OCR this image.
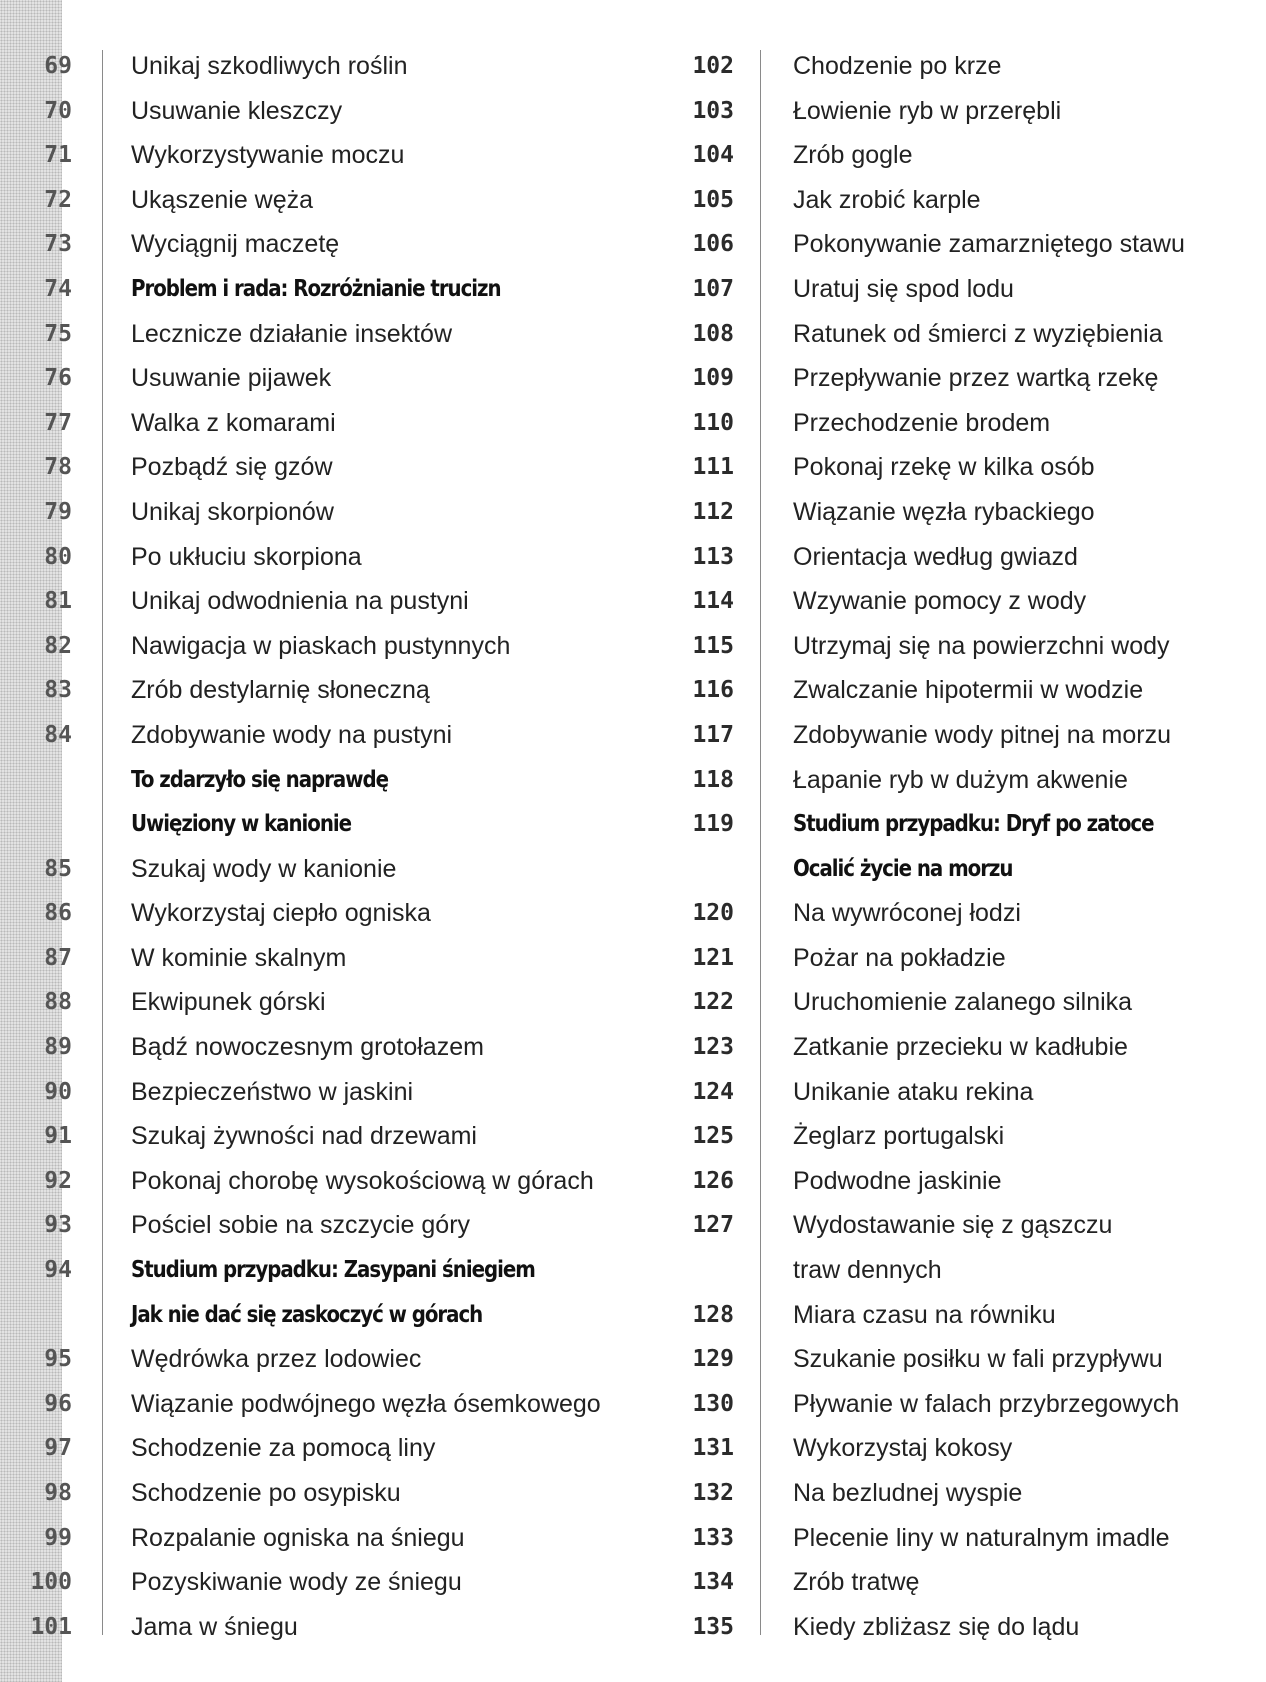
69 Unikaj szkodliwych roślin
70 Usuwanie kleszczy
71 Wykorzystywanie moczu
72 Ukąszenie węża
73 Wyciągnij maczetę
74	Problem i rada: Rozróżnianie trucizn
75 Lecznicze działanie insektów
76 Usuwanie pijawek
77 Walka z komarami
78 Pozbądź się gzów
79 Unikaj skorpionów
80 Po ukłuciu skorpiona
81 Unikaj odwodnienia na pustyni
82 Nawigacja w piaskach pustynnych
83 Zrób destylarnię słoneczną
84 Zdobywanie wody na pustyni
To zdarzyło się naprawdę
Uwięziony w kanionie
85 Szukaj wody w kanionie
86 Wykorzystaj ciepło ogniska
87 W kominie skalnym
88 Ekwipunek górski
89 Bądź nowoczesnym grotołazem
90 Bezpieczeństwo w jaskini
91 Szukaj żywności nad drzewami
92 Pokonaj chorobę wysokościową w górach
93 Pościel sobie na szczycie góry
94	Studium przypadku: Zasypani śniegiem
Jak nie dać się zaskoczyć w górach
95 Wędrówka przez lodowiec
96 Wiązanie podwójnego węzła ósemkowego
97 Schodzenie za pomocą liny
98 Schodzenie po osypisku
99 Rozpalanie ogniska na śniegu
100 Pozyskiwanie wody ze śniegu
101 Jama w śniegu
102 Chodzenie po krze
103 Łowienie ryb w przerębli
104 Zrób gogle
105 Jak zrobić karple
106 Pokonywanie zamarzniętego stawu
107 Uratuj się spod lodu
108 Ratunek od śmierci z wyziębienia
109 Przepływanie przez wartką rzekę
110 Przechodzenie brodem
111 Pokonaj rzekę w kilka osób
112 Wiązanie węzła rybackiego
113 Orientacja według gwiazd
114 Wzywanie pomocy z wody
115 Utrzymaj się na powierzchni wody
116 Zwalczanie hipotermii w wodzie
117 Zdobywanie wody pitnej na morzu
118 Łapanie ryb w dużym akwenie
119	Studium przypadku: Dryf po zatoce
Ocalić życie na morzu
120 Na wywróconej łodzi
121 Pożar na pokładzie
122 Uruchomienie zalanego silnika
123 Zatkanie przecieku w kadłubie
124 Unikanie ataku rekina
125 Żeglarz portugalski
126 Podwodne jaskinie
127 Wydostawanie się z gąszczu
traw dennych
128 Miara czasu na równiku
129 Szukanie posiłku w fali przypływu
130 Pływanie w falach przybrzegowych
131 Wykorzystaj kokosy
132 Na bezludnej wyspie
133 Plecenie liny w naturalnym imadle
134 Zrób tratwę
135 Kiedy zbliżasz się do lądu
